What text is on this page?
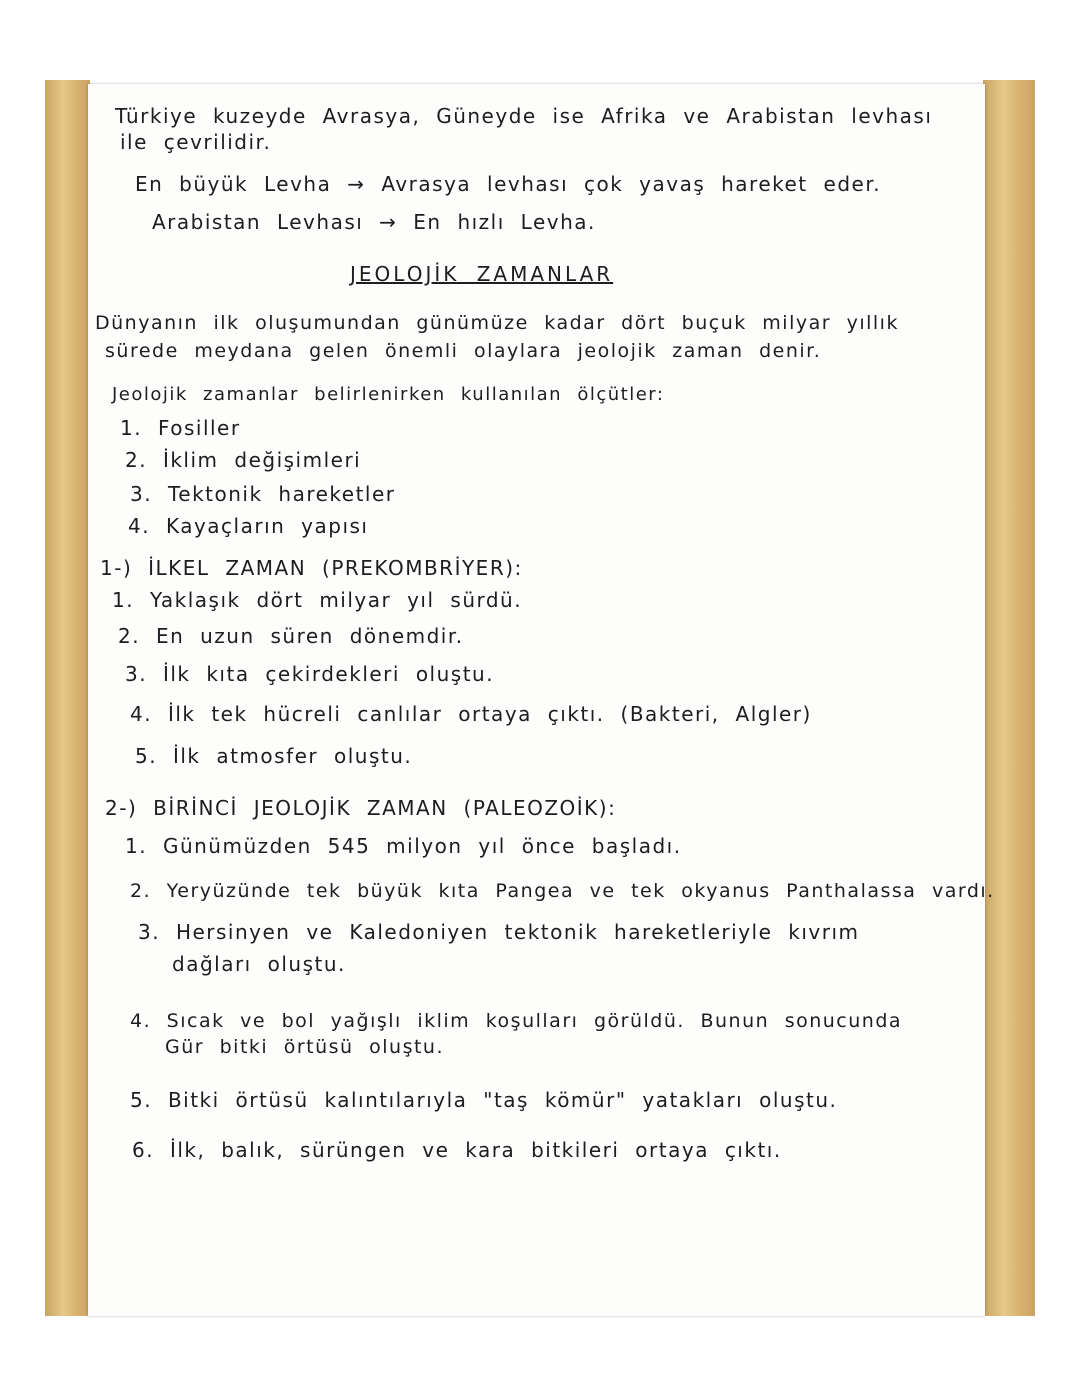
Türkiye kuzeyde Avrasya, Güneyde ise Afrika ve Arabistan levhası
ile çevrilidir.
En büyük Levha → Avrasya levhası çok yavaş hareket eder.
Arabistan Levhası → En hızlı Levha.
JEOLOJİK ZAMANLAR
Dünyanın ilk oluşumundan günümüze kadar dört buçuk milyar yıllık
sürede meydana gelen önemli olaylara jeolojik zaman denir.
Jeolojik zamanlar belirlenirken kullanılan ölçütler:
1. Fosiller
2. İklim değişimleri
3. Tektonik hareketler
4. Kayaçların yapısı
1-) İLKEL ZAMAN (PREKOMBRİYER):
1. Yaklaşık dört milyar yıl sürdü.
2. En uzun süren dönemdir.
3. İlk kıta çekirdekleri oluştu.
4. İlk tek hücreli canlılar ortaya çıktı. (Bakteri, Algler)
5. İlk atmosfer oluştu.
2-) BİRİNCİ JEOLOJİK ZAMAN (PALEOZOİK):
1. Günümüzden 545 milyon yıl önce başladı.
2. Yeryüzünde tek büyük kıta Pangea ve tek okyanus Panthalassa vardı.
3. Hersinyen ve Kaledoniyen tektonik hareketleriyle kıvrım
dağları oluştu.
4. Sıcak ve bol yağışlı iklim koşulları görüldü. Bunun sonucunda
Gür bitki örtüsü oluştu.
5. Bitki örtüsü kalıntılarıyla "taş kömür" yatakları oluştu.
6. İlk, balık, sürüngen ve kara bitkileri ortaya çıktı.
